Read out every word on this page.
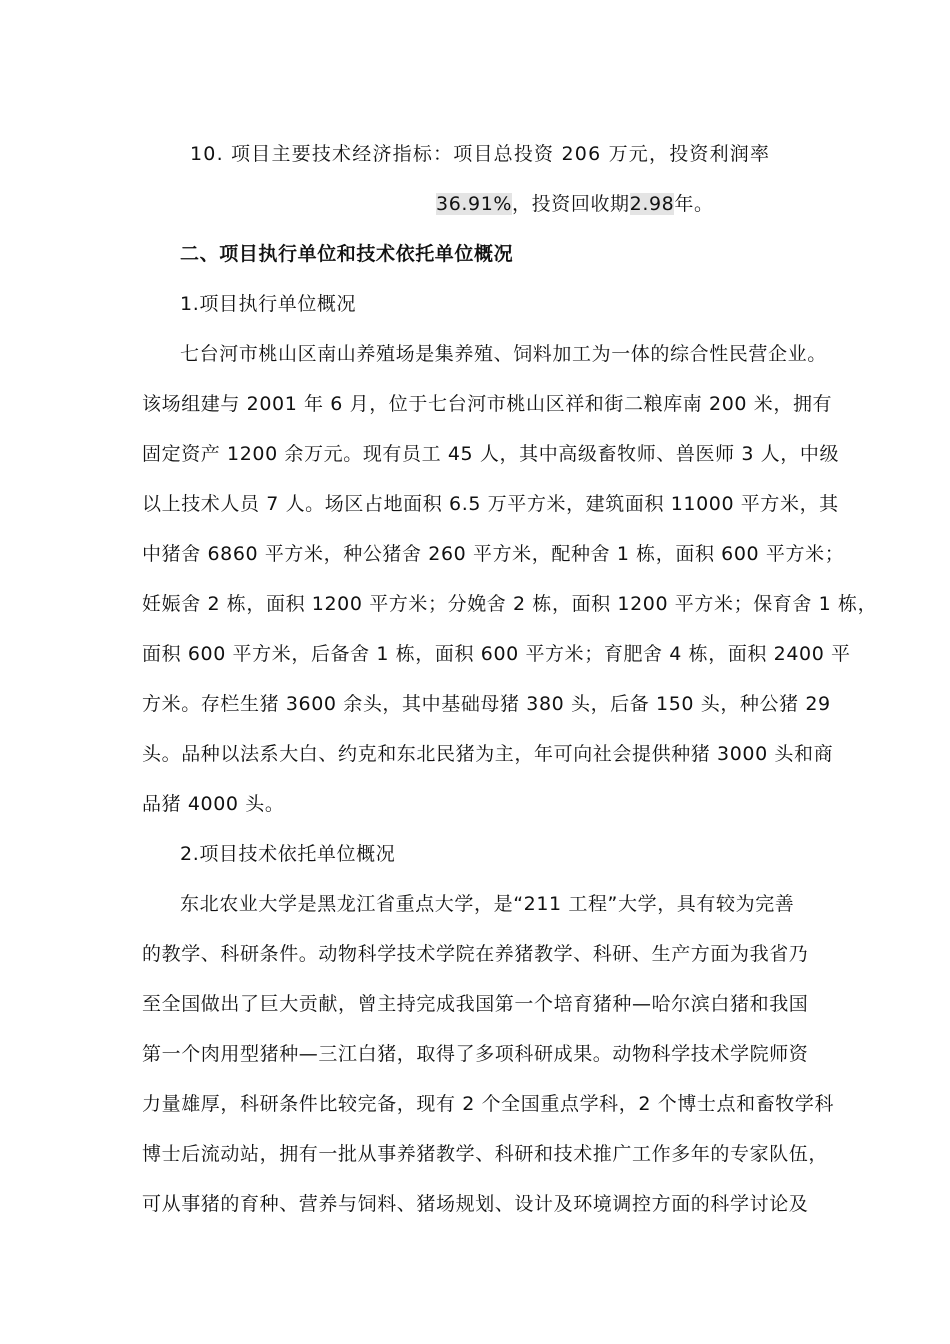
10. 项目主要技术经济指标：项目总投资 206 万元，投资利润率
36.91%，投资回收期2.98年。
二、项目执行单位和技术依托单位概况
1.项目执行单位概况
七台河市桃山区南山养殖场是集养殖、饲料加工为一体的综合性民营企业。
该场组建与 2001 年 6 月，位于七台河市桃山区祥和街二粮库南 200 米，拥有
固定资产 1200 余万元。现有员工 45 人，其中高级畜牧师、兽医师 3 人，中级
以上技术人员 7 人。场区占地面积 6.5 万平方米，建筑面积 11000 平方米，其
中猪舍 6860 平方米，种公猪舍 260 平方米，配种舍 1 栋，面积 600 平方米；
妊娠舍 2 栋，面积 1200 平方米；分娩舍 2 栋，面积 1200 平方米；保育舍 1 栋，
面积 600 平方米，后备舍 1 栋，面积 600 平方米；育肥舍 4 栋，面积 2400 平
方米。存栏生猪 3600 余头，其中基础母猪 380 头，后备 150 头，种公猪 29
头。品种以法系大白、约克和东北民猪为主，年可向社会提供种猪 3000 头和商
品猪 4000 头。
2.项目技术依托单位概况
东北农业大学是黑龙江省重点大学，是“211 工程”大学，具有较为完善
的教学、科研条件。动物科学技术学院在养猪教学、科研、生产方面为我省乃
至全国做出了巨大贡献，曾主持完成我国第一个培育猪种—哈尔滨白猪和我国
第一个肉用型猪种—三江白猪，取得了多项科研成果。动物科学技术学院师资
力量雄厚，科研条件比较完备，现有 2 个全国重点学科，2 个博士点和畜牧学科
博士后流动站，拥有一批从事养猪教学、科研和技术推广工作多年的专家队伍，
可从事猪的育种、营养与饲料、猪场规划、设计及环境调控方面的科学讨论及
